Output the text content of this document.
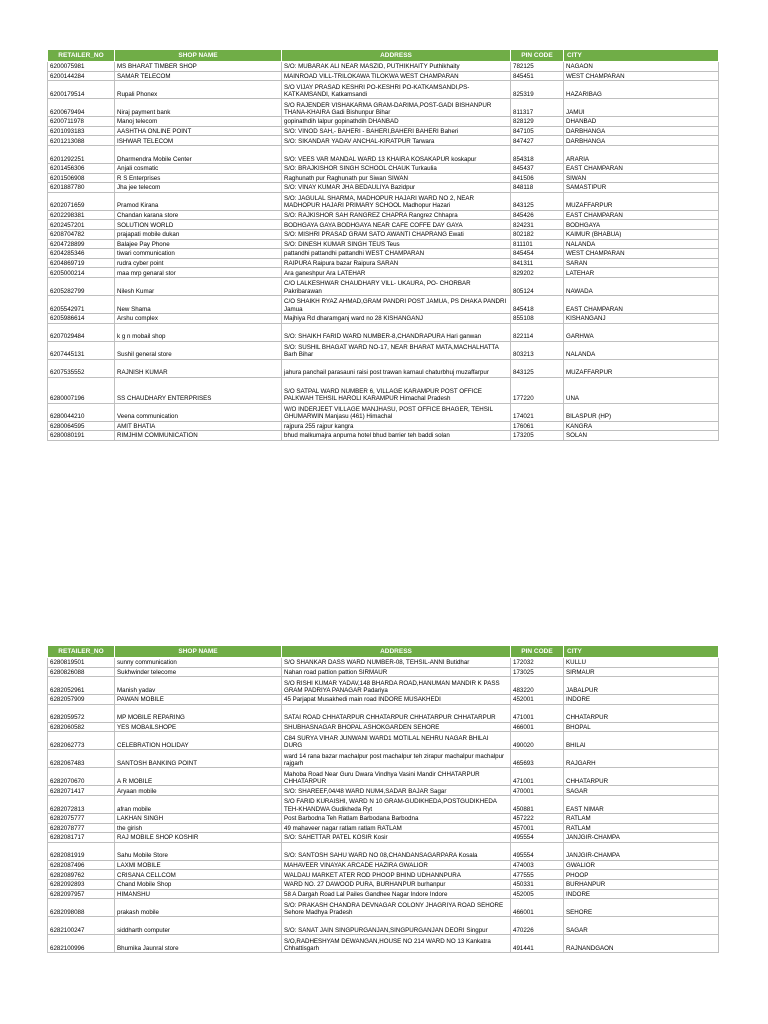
RETAILER_NO	SHOP NAME	ADDRESS	PIN CODE	CITY
6200075981	MS BHARAT TIMBER SHOP	S/O: MUBARAK ALI NEAR MASZID, PUTHIKHAITY Puthikhaity	782125	NAGAON
6200144284	SAMAR TELECOM	MAINROAD VILL-TRILOKAWA TILOKWA WEST CHAMPARAN	845451	WEST CHAMPARAN
6200179514	Rupali Phonex	S/O VIJAY PRASAD KESHRI PO-KESHRI PO-KATKAMSANDI,PS-KATKAMSANDI, Katkamsandi	825319	HAZARIBAG
6200679494	Niraj payment bank	S/O RAJENDER VISHAKARMA GRAM-DARIMA,POST-GADI BISHANPUR THANA-KHAIRA Gadi Bishunpur Bihar	811317	JAMUI
6200711978	Manoj telecom	gopinathdih lalpur gopinathdih DHANBAD	828129	DHANBAD
6201093183	AASHTHA ONLINE POINT	S/O: VINOD SAH,- BAHERI - BAHERI,BAHERI BAHERI Baheri	847105	DARBHANGA
6201213088	ISHWAR TELECOM	S/O: SIKANDAR YADAV ANCHAL-KIRATPUR Tarwara	847427	DARBHANGA
6201292251	Dharmendra Mobile Center	S/O: VEES VAR MANDAL WARD 13 KHAIRA KOSAKAPUR koskapur	854318	ARARIA
6201456306	Anjali cosmatic	S/O: BRAJKISHOR SINGH SCHOOL CHAUK Turkaulia	845437	EAST CHAMPARAN
6201506908	R S Enterprises	Raghunath pur Raghunath pur Siwan SIWAN	841506	SIWAN
6201887780	Jha jee telecom	S/O: VINAY KUMAR JHA BEDAULIYA Bazidpur	848118	SAMASTIPUR
6202071659	Pramod Kirana	S/O: JAGULAL SHARMA, MADHOPUR HAJARI WARD NO 2, NEAR MADHOPUR HAJARI PRIMARY SCHOOL Madhopur Hazari	843125	MUZAFFARPUR
6202298381	Chandan karana store	S/O: RAJKISHOR SAH RANGREZ CHAPRA Rangrez Chhapra	845426	EAST CHAMPARAN
6202457201	SOLUTION WORLD	BODHGAYA GAYA BODHGAYA NEAR CAFE COFFE DAY GAYA	824231	BODHGAYA
6208704782	prajapati mobile dukan	S/O: MISHRI PRASAD GRAM SATO AWANTI CHAPRANG Ewati	802182	KAIMUR (BHABUA)
6204728899	Balajee Pay Phone	S/O: DINESH KUMAR SINGH TEUS Teus	811101	NALANDA
6204285346	tiwari communication	pattandhi pattandhi pattandhi WEST CHAMPARAN	845454	WEST CHAMPARAN
6204869719	rudra cyber point	RAIPURA Raipura bazar Raipura SARAN	841311	SARAN
6205000214	maa mrp genaral stor	Ara ganeshpur Ara LATEHAR	829202	LATEHAR
6205282799	Nilesh Kumar	C/O LALKESHWAR CHAUDHARY VILL- UKAURA, PO- CHORBAR Pakribarawan	805124	NAWADA
6205542971	New Shama	C/O SHAIKH RYAZ AHMAD,GRAM PANDRI POST JAMUA, PS DHAKA PANDRI Jamua	845418	EAST CHAMPARAN
6205986614	Arshu complex	Majhiya Rd dharamganj ward no 28 KISHANGANJ	855108	KISHANGANJ
6207029484	k g n mobail shop	S/O: SHAIKH FARID WARD NUMBER-8,CHANDRAPURA Hari ganwan	822114	GARHWA
6207445131	Sushil general store	S/O: SUSHIL BHAGAT WARD NO-17, NEAR BHARAT MATA,MACHALHATTA Barh Bihar	803213	NALANDA
6207535552	RAJNISH KUMAR	jahura panchail parasauni raisi post trawan karnaul chaturbhuj muzaffarpur	843125	MUZAFFARPUR
6280007196	SS CHAUDHARY ENTERPRISES	S/O SATPAL WARD NUMBER 6, VILLAGE KARAMPUR POST OFFICE PALKWAH TEHSIL HAROLI KARAMPUR Himachal Pradesh	177220	UNA
6280044210	Veena communication	W/O INDERJEET VILLAGE MANJHASU, POST OFFICE BHAGER, TEHSIL GHUMARWIN Manjasu (461) Himachal	174021	BILASPUR (HP)
6280064595	AMIT BHATIA	rajpura 255 rajpur kangra	176061	KANGRA
6280080191	RIMJHIM COMMUNICATION	bhud malkumajra anpurna hotel bhud barrier teh baddi solan	173205	SOLAN
RETAILER_NO	SHOP NAME	ADDRESS	PIN CODE	CITY
6280819501	sunny communication	S/O SHANKAR DASS WARD NUMBER-08, TEHSIL-ANNI Butidhar	172032	KULLU
6280826088	Sukhwinder telecome	Nahan road pattion pattion SIRMAUR	173025	SIRMAUR
6282052961	Manish yadav	S/O RISHI KUMAR YADAV,148 BHARDA ROAD,HANUMAN MANDIR K PASS GRAM PADRIYA PANAGAR Padariya	483220	JABALPUR
6282057909	PAWAN MOBILE	45 Parjapat Musakhedi main road INDORE MUSAKHEDI	452001	INDORE
6282059572	MP MOBILE REPARING	SATAI ROAD CHHATARPUR CHHATARPUR CHHATARPUR CHHATARPUR	471001	CHHATARPUR
6282060582	YES MOBAILSHOPE	SHUBHASNAGAR BHOPAL ASHOKGARDEN SEHORE	466001	BHOPAL
6282062773	CELEBRATION HOLIDAY	C84 SURYA VIHAR JUNWANI WARD1 MOTILAL NEHRU NAGAR BHILAI DURG	490020	BHILAI
6282067483	SANTOSH BANKING POINT	ward 14 rana bazar machalpur post machalpur teh zirapur machalpur machalpur rajgarh	465693	RAJGARH
6282070670	A R MOBILE	Mahoba Road Near Guru Dwara Vindhya Vasini Mandir CHHATARPUR CHHATARPUR	471001	CHHATARPUR
6282071417	Aryaan mobile	S/O: SHAREEF,04/48 WARD NUM4,SADAR BAJAR Sagar	470001	SAGAR
6282072813	afran mobile	S/O FARID KURAISHI, WARD N 10 GRAM-GUDIKHEDA,POSTGUDIKHEDA TEH-KHANDWA Gudikheda Ryt	450881	EAST NIMAR
6282075777	LAKHAN SINGH	Post Barbodna Teh Ratlam Barbodana Barbodna	457222	RATLAM
6282078777	the girish	49 mahaveer nagar ratlam ratlam RATLAM	457001	RATLAM
6282081717	RAJ MOBILE SHOP KOSHIR	S/O: SAHETTAR PATEL KOSIR Kosir	495554	JANJGIR-CHAMPA
6282081919	Sahu Mobile Store	S/O: SANTOSH SAHU WARD NO 08,CHANDANSAGARPARA Kosala	495554	JANJGIR-CHAMPA
6282087496	LAXMI MOBILE	MAHAVEER VINAYAK ARCADE HAZIRA GWALIOR	474003	GWALIOR
6282089762	CRISANA CELLCOM	WALDAU MARKET ATER ROD PHOOP BHIND UDHANNPURA	477555	PHOOP
6282092893	Chand Mobile Shop	WARD NO. 27 DAWOOD PURA, BURHANPUR burhanpur	450331	BURHANPUR
6282097957	HIMANSHU	58 A Dargah Road Lal Pailes Gandhee Nagar Indore Indore	452005	INDORE
6282098088	prakash mobile	S/O: PRAKASH CHANDRA DEVNAGAR COLONY JHAGRIYA ROAD SEHORE Sehore Madhya Pradesh	466001	SEHORE
6282100247	siddharth computer	S/O: SANAT JAIN SINGPURGANJAN,SINGPURGANJAN DEORI Singpur	470226	SAGAR
6282100996	Bhumika Jaunral store	S/O,RADHESHYAM DEWANGAN,HOUSE NO 214 WARD NO 13 Kankatra Chhattisgarh	491441	RAJNANDGAON
